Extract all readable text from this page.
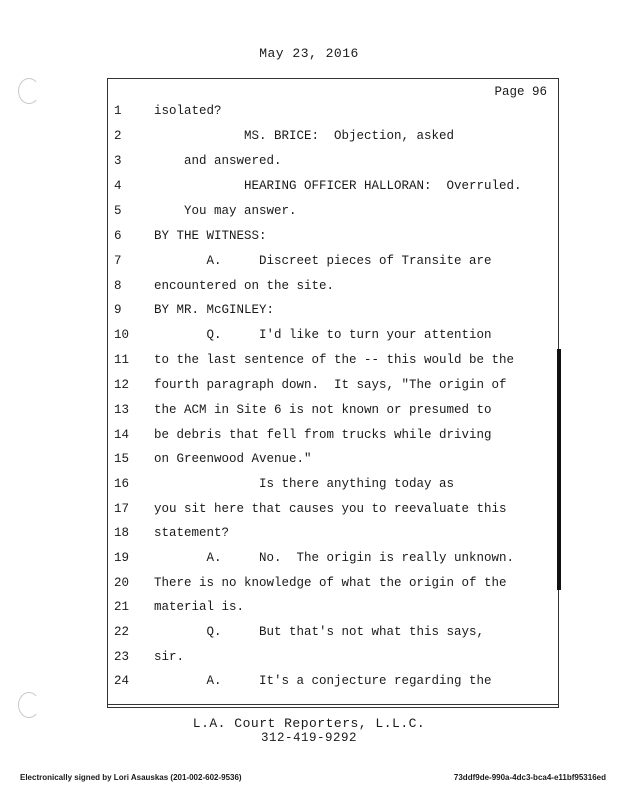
May 23, 2016
Page 96
1	isolated?
2	MS. BRICE:  Objection, asked
3	and answered.
4	HEARING OFFICER HALLORAN:  Overruled.
5	You may answer.
6	BY THE WITNESS:
7	A.     Discreet pieces of Transite are
8	encountered on the site.
9	BY MR. McGINLEY:
10	Q.     I'd like to turn your attention
11	to the last sentence of the -- this would be the
12	fourth paragraph down.  It says, "The origin of
13	the ACM in Site 6 is not known or presumed to
14	be debris that fell from trucks while driving
15	on Greenwood Avenue."
16	Is there anything today as
17	you sit here that causes you to reevaluate this
18	statement?
19	A.     No.  The origin is really unknown.
20	There is no knowledge of what the origin of the
21	material is.
22	Q.     But that's not what this says,
23	sir.
24	A.     It's a conjecture regarding the
L.A. Court Reporters, L.L.C.
312-419-9292
Electronically signed by Lori Asauskas (201-002-602-9536)	73ddf9de-990a-4dc3-bca4-e11bf95316ed
